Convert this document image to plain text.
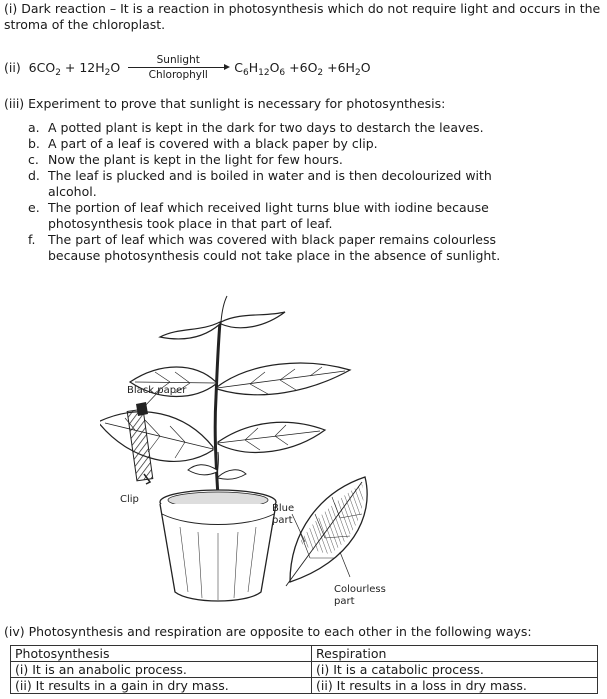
(i) Dark reaction – It is a reaction in photosynthesis which do not require light and occurs in the stroma of the chloroplast.
(ii)
$6CO_2$
+ $12H_2O$	Sunlight
Chlorophyll
$C_6H_{12}O_6$
$+6O_2$
$+6H_2O$
(iii) Experiment to prove that sunlight is necessary for photosynthesis:
a. A potted plant is kept in the dark for two days to destarch the leaves.
b. A part of a leaf is covered with a black paper by clip.
c. Now the plant is kept in the light for few hours.
d. The leaf is plucked and is boiled in water and is then decolourized with alcohol.
e. The portion of leaf which received light turns blue with iodine because photosynthesis took place in that part of leaf.
f.	The part of leaf which was covered with black paper remains colourless because photosynthesis could not take place in the absence of sunlight.
Black paper
Clip
Blue
part
Colourless
part
(iv) Photosynthesis and respiration are opposite to each other in the following ways:
Photosynthesis	Respiration
(i) It is an anabolic process.	(i) It is a catabolic process.
(ii) It results in a gain in dry mass.	(ii) It results in a loss in dry mass.
